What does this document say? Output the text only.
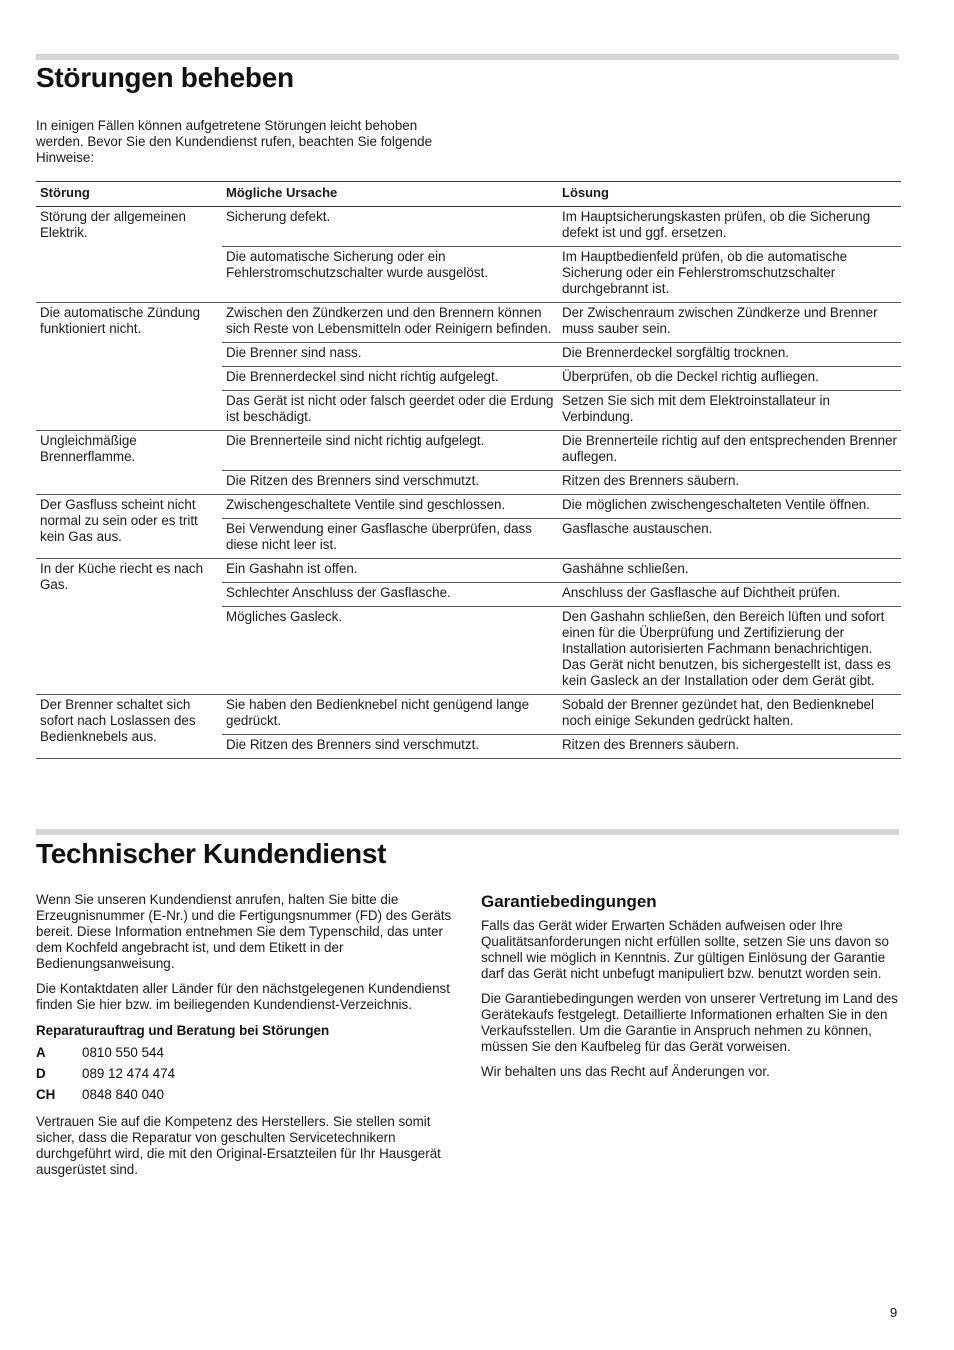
Störungen beheben

In einigen Fällen können aufgetretene Störungen leicht behoben werden. Bevor Sie den Kundendienst rufen, beachten Sie folgende Hinweise:

Störung	Mögliche Ursache	Lösung
Störung der allgemeinen Elektrik.	Sicherung defekt.	Im Hauptsicherungskasten prüfen, ob die Sicherung defekt ist und ggf. ersetzen.
	Die automatische Sicherung oder ein Fehlerstromschutzschalter wurde ausgelöst.	Im Hauptbedienfeld prüfen, ob die automatische Sicherung oder ein Fehlerstromschutzschalter durchgebrannt ist.
Die automatische Zündung funktioniert nicht.	Zwischen den Zündkerzen und den Brennern können sich Reste von Lebensmitteln oder Reinigern befinden.	Der Zwischenraum zwischen Zündkerze und Brenner muss sauber sein.
	Die Brenner sind nass.	Die Brennerdeckel sorgfältig trocknen.
	Die Brennerdeckel sind nicht richtig aufgelegt.	Überprüfen, ob die Deckel richtig aufliegen.
	Das Gerät ist nicht oder falsch geerdet oder die Erdung ist beschädigt.	Setzen Sie sich mit dem Elektroinstallateur in Verbindung.
Ungleichmäßige Brennerflamme.	Die Brennerteile sind nicht richtig aufgelegt.	Die Brennerteile richtig auf den entsprechenden Brenner auflegen.
	Die Ritzen des Brenners sind verschmutzt.	Ritzen des Brenners säubern.
Der Gasfluss scheint nicht normal zu sein oder es tritt kein Gas aus.	Zwischengeschaltete Ventile sind geschlossen.	Die möglichen zwischengeschalteten Ventile öffnen.
	Bei Verwendung einer Gasflasche überprüfen, dass diese nicht leer ist.	Gasflasche austauschen.
In der Küche riecht es nach Gas.	Ein Gashahn ist offen.	Gashähne schließen.
	Schlechter Anschluss der Gasflasche.	Anschluss der Gasflasche auf Dichtheit prüfen.
	Mögliches Gasleck.	Den Gashahn schließen, den Bereich lüften und sofort einen für die Überprüfung und Zertifizierung der Installation autorisierten Fachmann benachrichtigen. Das Gerät nicht benutzen, bis sichergestellt ist, dass es kein Gasleck an der Installation oder dem Gerät gibt.
Der Brenner schaltet sich sofort nach Loslassen des Bedienknebels aus.	Sie haben den Bedienknebel nicht genügend lange gedrückt.	Sobald der Brenner gezündet hat, den Bedienknebel noch einige Sekunden gedrückt halten.
	Die Ritzen des Brenners sind verschmutzt.	Ritzen des Brenners säubern.
Technischer Kundendienst

Wenn Sie unseren Kundendienst anrufen, halten Sie bitte die Erzeugnisnummer (E-Nr.) und die Fertigungsnummer (FD) des Geräts bereit. Diese Information entnehmen Sie dem Typenschild, das unter dem Kochfeld angebracht ist, und dem Etikett in der Bedienungsanweisung.

Die Kontaktdaten aller Länder für den nächstgelegenen Kundendienst finden Sie hier bzw. im beiliegenden Kundendienst-Verzeichnis.

Reparaturauftrag und Beratung bei Störungen
A	0810 550 544
D	089 12 474 474
CH	0848 840 040

Vertrauen Sie auf die Kompetenz des Herstellers. Sie stellen somit sicher, dass die Reparatur von geschulten Servicetechnikern durchgeführt wird, die mit den Original-Ersatzteilen für Ihr Hausgerät ausgerüstet sind.

Garantiebedingungen

Falls das Gerät wider Erwarten Schäden aufweisen oder Ihre Qualitätsanforderungen nicht erfüllen sollte, setzen Sie uns davon so schnell wie möglich in Kenntnis. Zur gültigen Einlösung der Garantie darf das Gerät nicht unbefugt manipuliert bzw. benutzt worden sein.

Die Garantiebedingungen werden von unserer Vertretung im Land des Gerätekaufs festgelegt. Detaillierte Informationen erhalten Sie in den Verkaufsstellen. Um die Garantie in Anspruch nehmen zu können, müssen Sie den Kaufbeleg für das Gerät vorweisen.

Wir behalten uns das Recht auf Änderungen vor.

9
